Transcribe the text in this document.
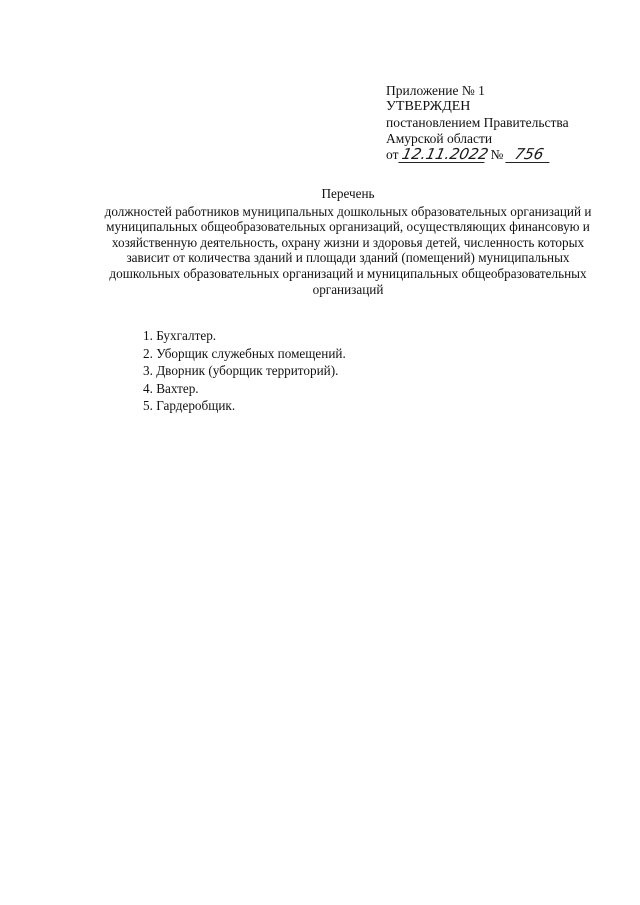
Приложение № 1
УТВЕРЖДЕН
постановлением Правительства
Амурской области
от 12.11.2022 № 756
Перечень
должностей работников муниципальных дошкольных образовательных организаций и
муниципальных общеобразовательных организаций, осуществляющих финансовую и
хозяйственную деятельность, охрану жизни и здоровья детей, численность которых
зависит от количества зданий и площади зданий (помещений) муниципальных
дошкольных образовательных организаций и муниципальных общеобразовательных
организаций
1. Бухгалтер.
2. Уборщик служебных помещений.
3. Дворник (уборщик территорий).
4. Вахтер.
5. Гардеробщик.
